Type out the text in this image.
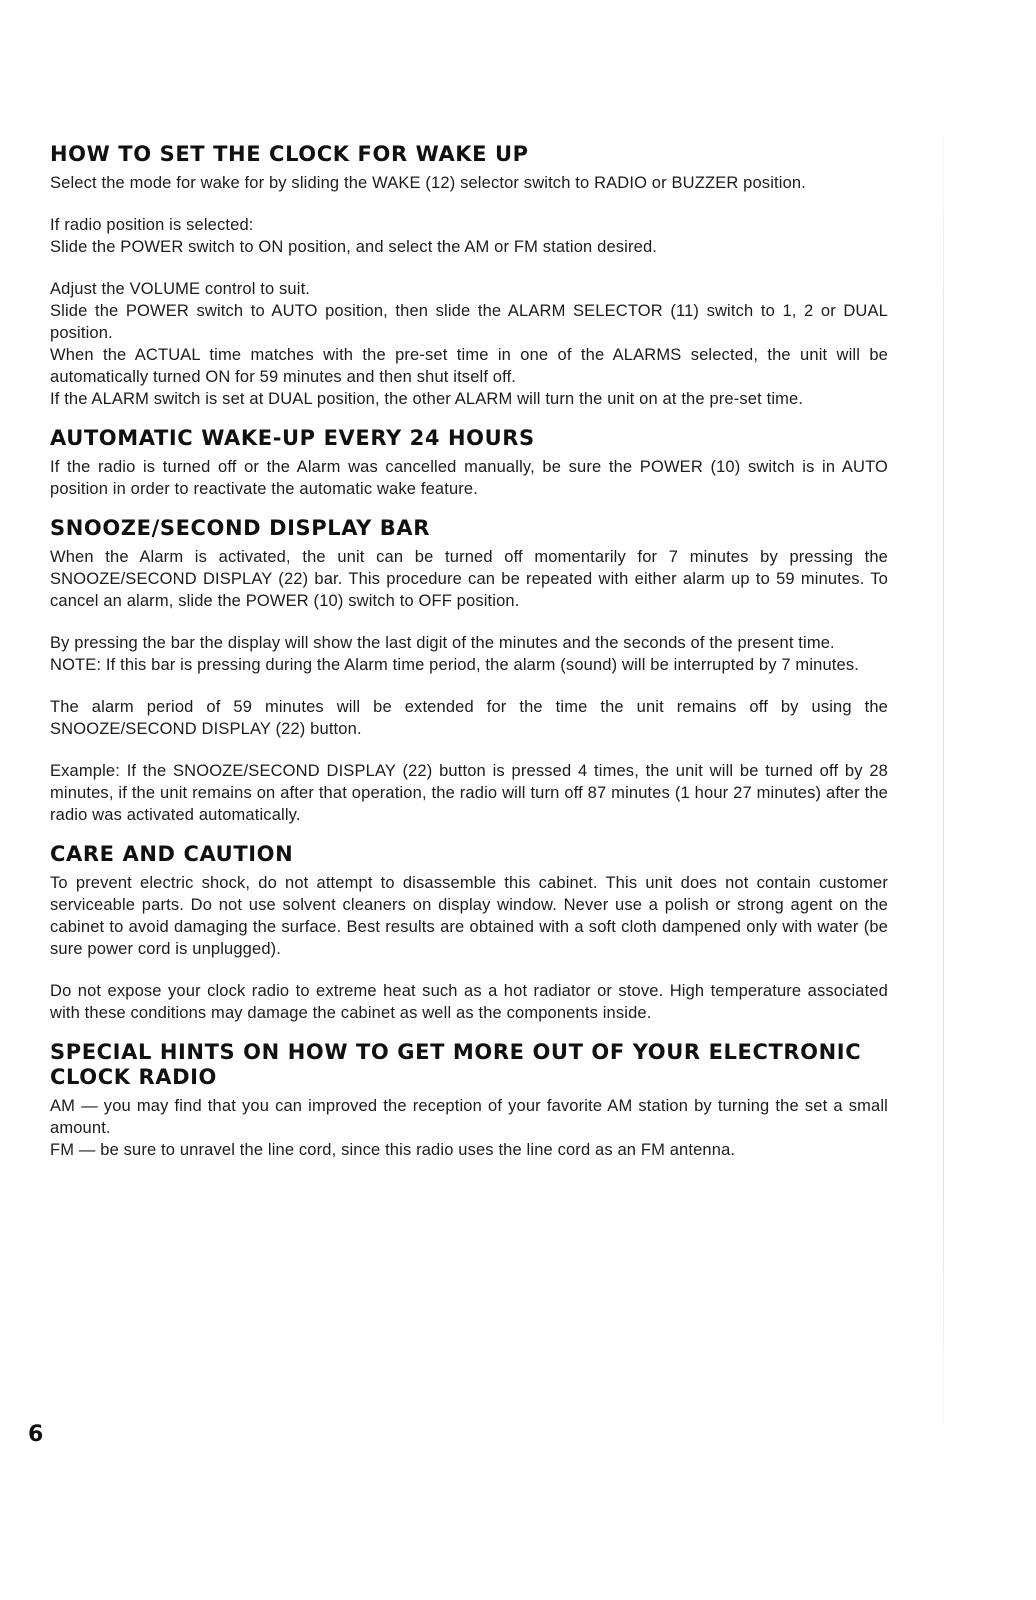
HOW TO SET THE CLOCK FOR WAKE UP

Select the mode for wake for by sliding the WAKE (12) selector switch to RADIO or BUZZER position.

If radio position is selected:

Slide the POWER switch to ON position, and select the AM or FM station desired.

Adjust the VOLUME control to suit.

Slide the POWER switch to AUTO position, then slide the ALARM SELECTOR (11) switch to 1, 2 or DUAL position.

When the ACTUAL time matches with the pre-set time in one of the ALARMS selected, the unit will be automatically turned ON for 59 minutes and then shut itself off.

If the ALARM switch is set at DUAL position, the other ALARM will turn the unit on at the pre-set time.

AUTOMATIC WAKE-UP EVERY 24 HOURS

If the radio is turned off or the Alarm was cancelled manually, be sure the POWER (10) switch is in AUTO position in order to reactivate the automatic wake feature.

SNOOZE/SECOND DISPLAY BAR

When the Alarm is activated, the unit can be turned off momentarily for 7 minutes by pressing the SNOOZE/SECOND DISPLAY (22) bar. This procedure can be repeated with either alarm up to 59 minutes. To cancel an alarm, slide the POWER (10) switch to OFF position.

By pressing the bar the display will show the last digit of the minutes and the seconds of the present time.

NOTE: If this bar is pressing during the Alarm time period, the alarm (sound) will be interrupted by 7 minutes.

The alarm period of 59 minutes will be extended for the time the unit remains off by using the SNOOZE/SECOND DISPLAY (22) button.

Example: If the SNOOZE/SECOND DISPLAY (22) button is pressed 4 times, the unit will be turned off by 28 minutes, if the unit remains on after that operation, the radio will turn off 87 minutes (1 hour 27 minutes) after the radio was activated automatically.

CARE AND CAUTION

To prevent electric shock, do not attempt to disassemble this cabinet. This unit does not contain customer serviceable parts. Do not use solvent cleaners on display window. Never use a polish or strong agent on the cabinet to avoid damaging the surface. Best results are obtained with a soft cloth dampened only with water (be sure power cord is unplugged).

Do not expose your clock radio to extreme heat such as a hot radiator or stove. High temperature associated with these conditions may damage the cabinet as well as the components inside.

SPECIAL HINTS ON HOW TO GET MORE OUT OF YOUR ELECTRONIC CLOCK RADIO

AM — you may find that you can improved the reception of your favorite AM station by turning the set a small amount.

FM — be sure to unravel the line cord, since this radio uses the line cord as an FM antenna.

6
